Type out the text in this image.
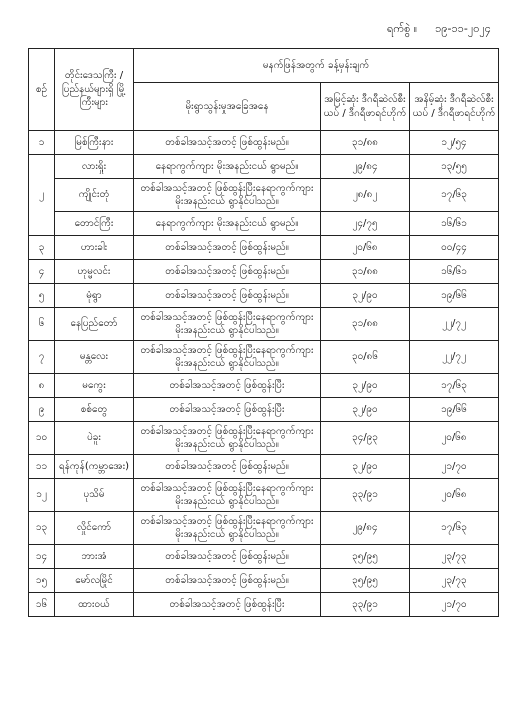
ရက်စွဲ ။ ၁၉-၁၁-၂၀၂၄
စဉ်	တိုင်းဒေသကြီး / ပြည်နယ်များရှိ မြို့ကြီးများ	မနက်ဖြန်အတွက် ခန့်မှန်းချက်		
		မိုးရွာသွန်းမှုအခြေအနေ	အမြင့်ဆုံး ဒီဂရီဆဲလ်စီးယပ် / ဒီဂရီဖာရင်ဟိုက်	အနိမ့်ဆုံး ဒီဂရီဆဲလ်စီးယပ် / ဒီဂရီဖာရင်ဟိုက်
၁	မြစ်ကြီးနား	တစ်ခါအသင့်အတင့် ဖြစ်ထွန်းမည်။	၃၁/၈၈	၁၂/၅၄
၂	လားရှိုး	နေရာကွက်ကျား မိုးအနည်းငယ် ရွာမည်။	၂၉/၈၄	၁၃/၅၅
	ကျိုင်းတုံ	တစ်ခါအသင့်အတင့် ဖြစ်ထွန်းပြီးနေရာကွက်ကျား မိုးအနည်းငယ် ရွာနိုင်ပါသည်။	၂၈/၈၂	၁၇/၆၃
	တောင်ကြီး	နေရာကွက်ကျား မိုးအနည်းငယ် ရွာမည်။	၂၄/၇၅	၁၆/၆၁
၃	ဟားခါး	တစ်ခါအသင့်အတင့် ဖြစ်ထွန်းမည်။	၂၀/၆၈	၀၀/၄၄
၄	ဟုမ္မလင်း	တစ်ခါအသင့်အတင့် ဖြစ်ထွန်းမည်။	၃၁/၈၈	၁၆/၆၁
၅	မုံရွာ	တစ်ခါအသင့်အတင့် ဖြစ်ထွန်းမည်။	၃၂/၉၀	၁၉/၆၆
၆	နေပြည်တော်	တစ်ခါအသင့်အတင့် ဖြစ်ထွန်းပြီးနေရာကွက်ကျား မိုးအနည်းငယ် ရွာနိုင်ပါသည်။	၃၁/၈၈	၂၂/၇၂
၇	မန္တလေး	တစ်ခါအသင့်အတင့် ဖြစ်ထွန်းပြီးနေရာကွက်ကျား မိုးအနည်းငယ် ရွာနိုင်ပါသည်။	၃၀/၈၆	၂၂/၇၂
၈	မကွေး	တစ်ခါအသင့်အတင့် ဖြစ်ထွန်းပြီး	၃၂/၉၀	၁၇/၆၃
၉	စစ်တွေ	တစ်ခါအသင့်အတင့် ဖြစ်ထွန်းပြီး	၃၂/၉၀	၁၉/၆၆
၁၀	ပဲခူး	တစ်ခါအသင့်အတင့် ဖြစ်ထွန်းပြီးနေရာကွက်ကျား မိုးအနည်းငယ် ရွာနိုင်ပါသည်။	၃၄/၉၃	၂၀/၆၈
၁၁	ရန်ကုန်(ကမ္ဘာအေး)	တစ်ခါအသင့်အတင့် ဖြစ်ထွန်းမည်။	၃၂/၉၀	၂၁/၇၀
၁၂	ပုသိမ်	တစ်ခါအသင့်အတင့် ဖြစ်ထွန်းပြီးနေရာကွက်ကျား မိုးအနည်းငယ် ရွာနိုင်ပါသည်။	၃၃/၉၁	၂၀/၆၈
၁၃	လှိုင်ကော်	တစ်ခါအသင့်အတင့် ဖြစ်ထွန်းပြီးနေရာကွက်ကျား မိုးအနည်းငယ် ရွာနိုင်ပါသည်။	၂၉/၈၄	၁၇/၆၃
၁၄	ဘားအံ	တစ်ခါအသင့်အတင့် ဖြစ်ထွန်းမည်။	၃၅/၉၅	၂၃/၇၃
၁၅	မော်လမြိုင်	တစ်ခါအသင့်အတင့် ဖြစ်ထွန်းမည်။	၃၅/၉၅	၂၃/၇၃
၁၆	ထားဝယ်	တစ်ခါအသင့်အတင့် ဖြစ်ထွန်းပြီး	၃၃/၉၁	၂၁/၇၀
